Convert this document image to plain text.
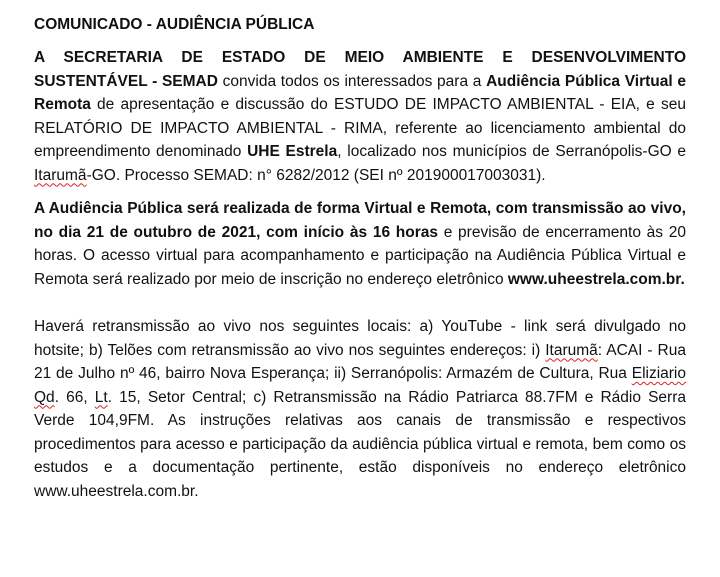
COMUNICADO - AUDIÊNCIA PÚBLICA

A SECRETARIA DE ESTADO DE MEIO AMBIENTE E DESENVOLVIMENTO SUSTENTÁVEL - SEMAD convida todos os interessados para a Audiência Pública Virtual e Remota de apresentação e discussão do ESTUDO DE IMPACTO AMBIENTAL - EIA, e seu RELATÓRIO DE IMPACTO AMBIENTAL - RIMA, referente ao licenciamento ambiental do empreendimento denominado UHE Estrela, localizado nos municípios de Serranópolis-GO e Itarumã-GO. Processo SEMAD: n° 6282/2012 (SEI nº 201900017003031).

A Audiência Pública será realizada de forma Virtual e Remota, com transmissão ao vivo, no dia 21 de outubro de 2021, com início às 16 horas e previsão de encerramento às 20 horas. O acesso virtual para acompanhamento e participação na Audiência Pública Virtual e Remota será realizado por meio de inscrição no endereço eletrônico www.uheestrela.com.br.

Haverá retransmissão ao vivo nos seguintes locais: a) YouTube - link será divulgado no hotsite; b) Telões com retransmissão ao vivo nos seguintes endereços: i) Itarumã: ACAI - Rua 21 de Julho nº 46, bairro Nova Esperança; ii) Serranópolis: Armazém de Cultura, Rua Eliziario Qd. 66, Lt. 15, Setor Central; c) Retransmissão na Rádio Patriarca 88.7FM e Rádio Serra Verde 104,9FM. As instruções relativas aos canais de transmissão e respectivos procedimentos para acesso e participação da audiência pública virtual e remota, bem como os estudos e a documentação pertinente, estão disponíveis no endereço eletrônico www.uheestrela.com.br.
